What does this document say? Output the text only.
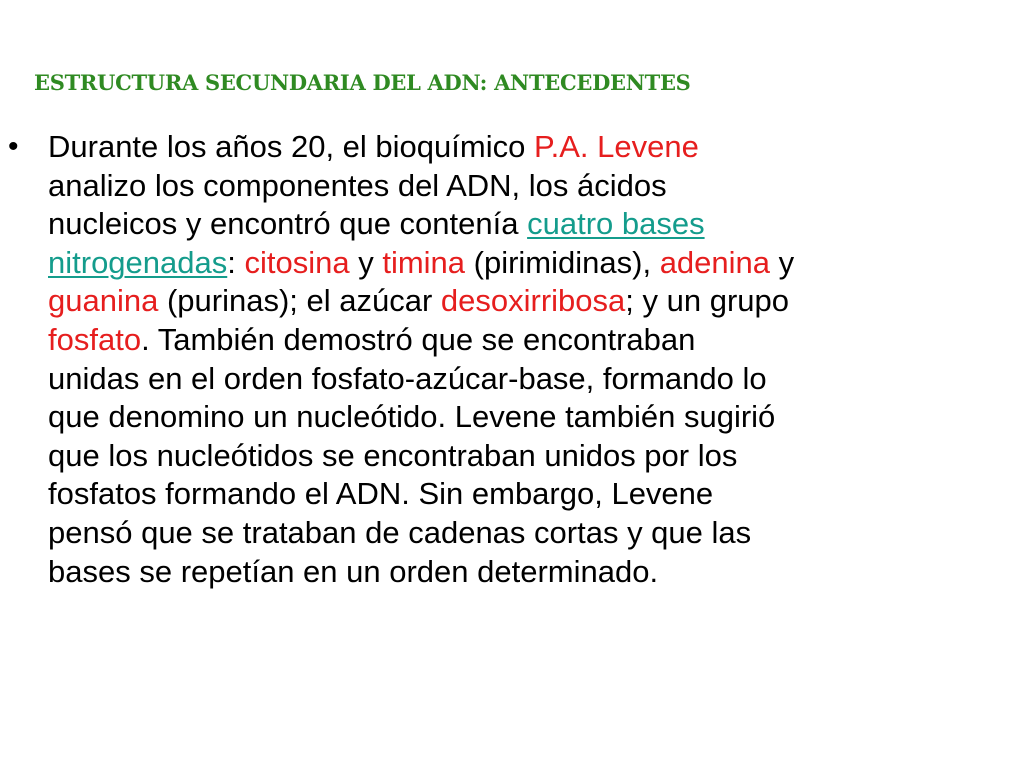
ESTRUCTURA SECUNDARIA DEL ADN: ANTECEDENTES
• Durante los años 20, el bioquímico P.A. Levene
analizo los componentes del ADN, los ácidos
nucleicos y encontró que contenía cuatro bases
nitrogenadas: citosina y timina (pirimidinas), adenina y
guanina (purinas); el azúcar desoxirribosa; y un grupo
fosfato. También demostró que se encontraban
unidas en el orden fosfato-azúcar-base, formando lo
que denomino un nucleótido. Levene también sugirió
que los nucleótidos se encontraban unidos por los
fosfatos formando el ADN. Sin embargo, Levene
pensó que se trataban de cadenas cortas y que las
bases se repetían en un orden determinado.
